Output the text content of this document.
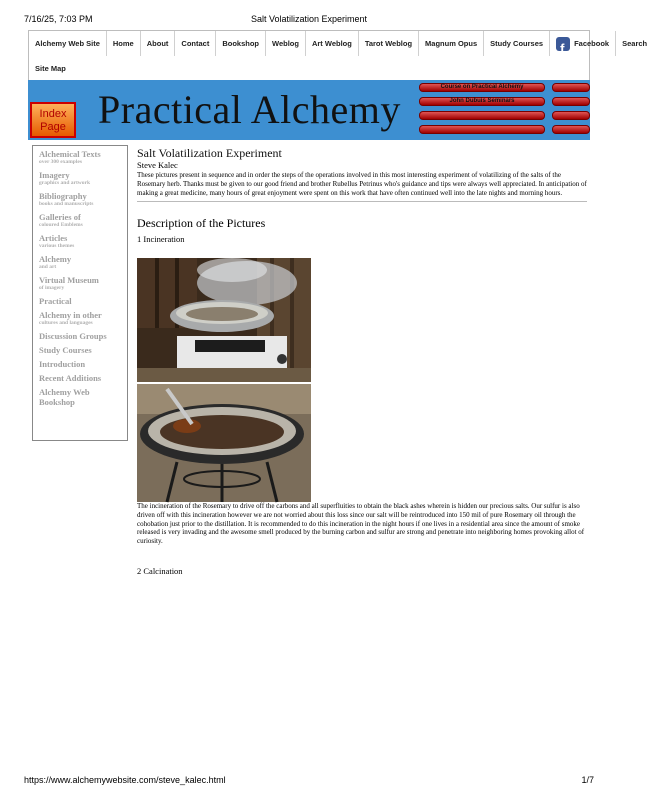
7/16/25, 7:03 PM	Salt Volatilization Experiment
Alchemy Web Site	Home	About	Contact	Bookshop	Weblog	Art Weblog	Tarot Weblog	Magnum Opus	Study Courses
f	Facebook	Search
Site Map
Index
Page Practical Alchemy	Course on Practical Alchemy
John Dubuis Seminars
Alchemical Texts
over 300 examples
Imagery
graphics and artwork
Bibliography
books and manuscripts
Galleries of
coloured Emblems
Articles
various themes
Alchemy
and art
Virtual Museum
of imagery
Practical
Alchemy in other
cultures and languages
Discussion Groups
Study Courses
Introduction
Recent Additions
Alchemy Web Bookshop
Salt Volatilization Experiment
Steve Kalec
These pictures present in sequence and in order the steps of the operations involved in this most interesting experiment of volatilizing of the salts of the Rosemary herb. Thanks must be given to our good friend and brother Rubellus Petrinus who's guidance and tips were always well appreciated. In anticipation of making a great medicine, many hours of great enjoyment were spent on this work that have often continued well into the late nights and morning hours.
Description of the Pictures
1 Incineration
The incineration of the Rosemary to drive off the carbons and all superfluities to obtain the black ashes wherein is hidden our precious salts. Our sulfur is also driven off with this incineration however we are not worried about this loss since our salt will be reintroduced into 150 mil of pure Rosemary oil through the cohobation just prior to the distillation. It is recommended to do this incineration in the night hours if one lives in a residential area since the amount of smoke released is very invading and the awesome smell produced by the burning carbon and sulfur are strong and penetrate into neighboring homes provoking allot of curiosity.
2 Calcination
https://www.alchemywebsite.com/steve_kalec.html	1/7
